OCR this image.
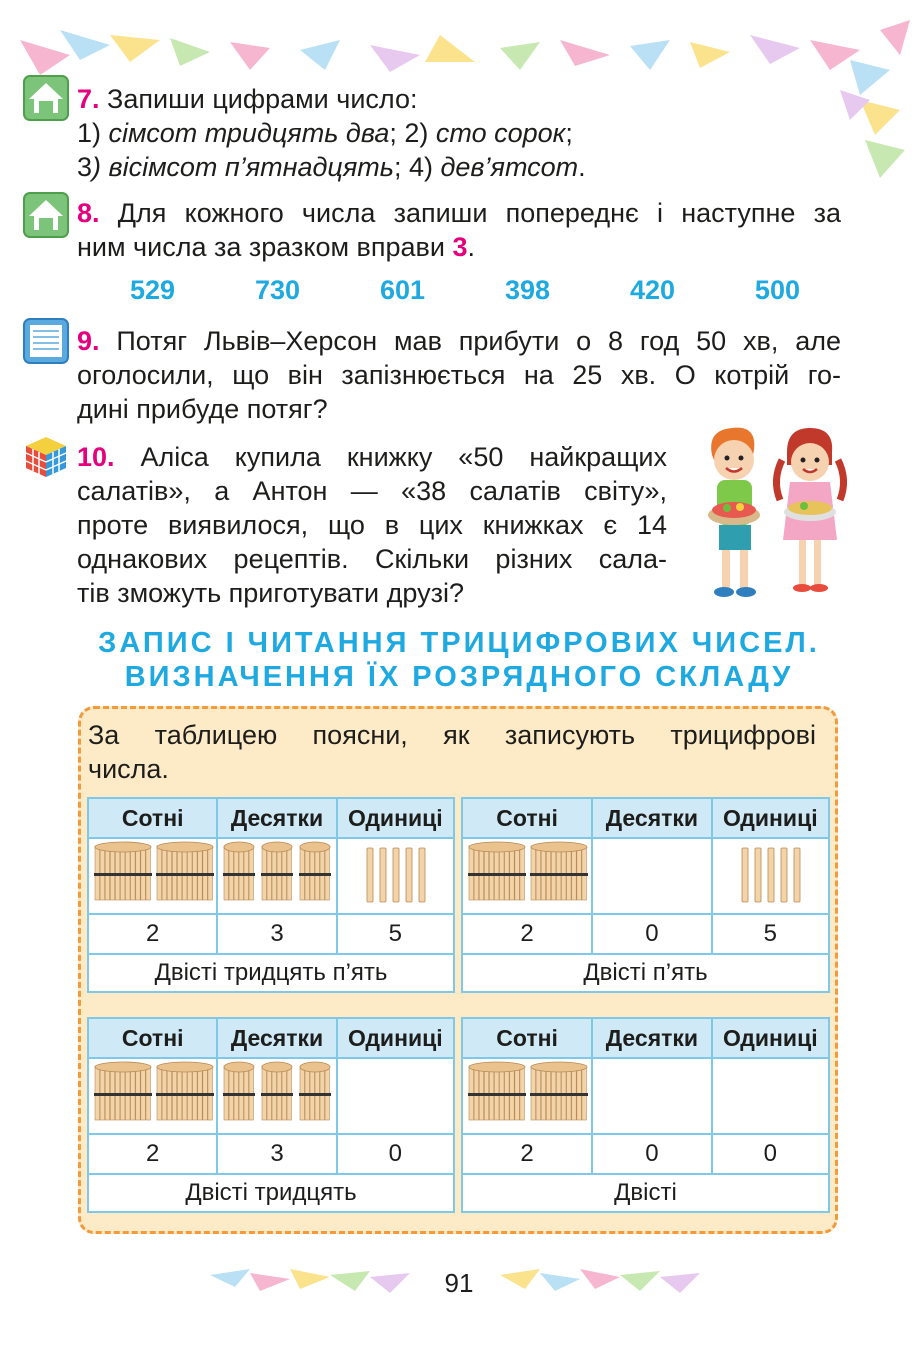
7. Запиши цифрами число:
1) сімсот тридцять два; 2) сто сорок;
3) вісімсот п’ятнадцять; 4) дев’ятсот.
8. Для кожного числа запиши попереднє і наступне за
ним числа за зразком вправи 3.
529	730	601	398	420	500
9. Потяг Львів–Херсон мав прибути о 8 год 50 хв, але
оголосили, що він запізнюється на 25 хв. О котрій го-
дині прибуде потяг?
10. Аліса купила книжку «50 найкращих
салатів», а Антон — «38 салатів світу»,
проте виявилося, що в цих книжках є 14
однакових рецептів. Скільки різних сала-
тів зможуть приготувати друзі?
ЗАПИС І ЧИТАННЯ ТРИЦИФРОВИХ ЧИСЕЛ.
ВИЗНАЧЕННЯ ЇХ РОЗРЯДНОГО СКЛАДУ
За таблицею поясни, як записують трицифрові
числа.
Сотні	Десятки	Одиниці

2	3	5
Двісті тридцять п’ять		
Сотні	Десятки	Одиниці

2	0	5
Двісті п’ять		
Сотні	Десятки	Одиниці

2	3	0
Двісті тридцять		
Сотні	Десятки	Одиниці

2	0	0
Двісті		
91
